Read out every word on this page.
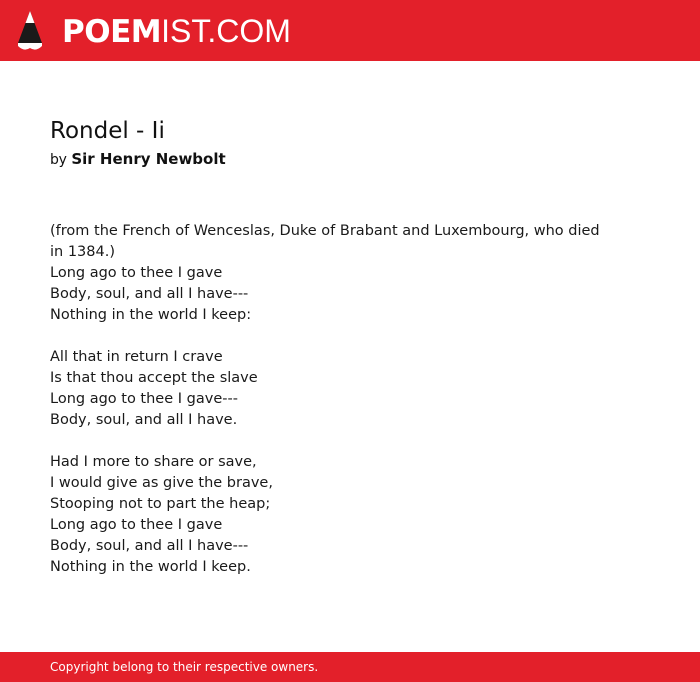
POEMIST.COM
Rondel - Ii
by Sir Henry Newbolt
(from the French of Wenceslas, Duke of Brabant and Luxembourg, who died in 1384.)
Long ago to thee I gave
Body, soul, and all I have---
Nothing in the world I keep:
All that in return I crave
Is that thou accept the slave
Long ago to thee I gave---
Body, soul, and all I have.
Had I more to share or save,
I would give as give the brave,
Stooping not to part the heap;
Long ago to thee I gave
Body, soul, and all I have---
Nothing in the world I keep.
Copyright belong to their respective owners.
